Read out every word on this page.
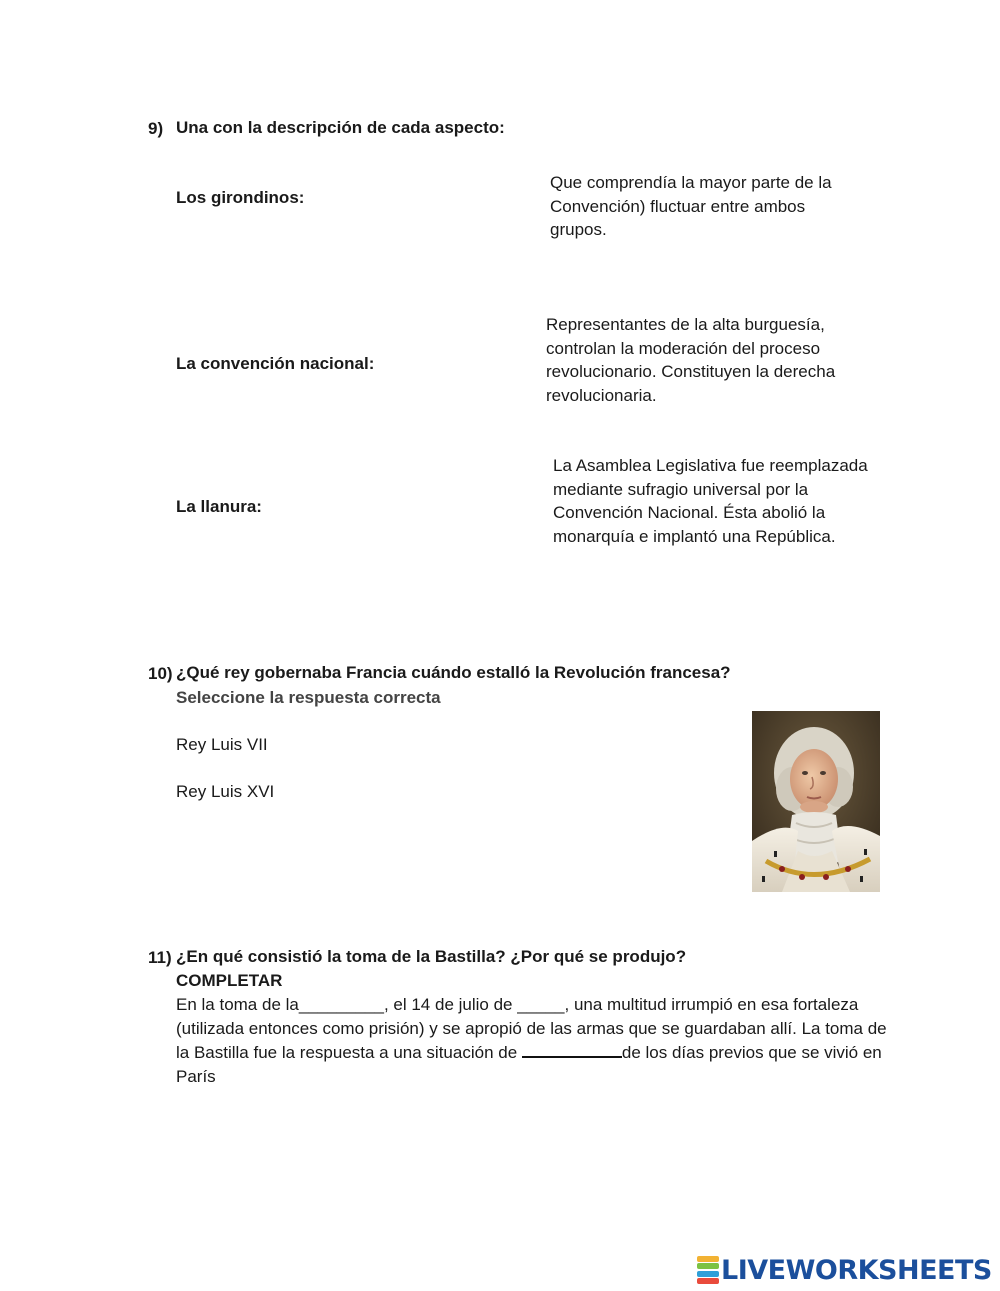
9) Una con la descripción de cada aspecto:
Los girondinos:
La convención nacional:
La llanura:
Que comprendía la mayor parte de la
Convención) fluctuar entre ambos
grupos.
Representantes de la alta burguesía,
controlan la moderación del proceso
revolucionario. Constituyen la derecha
revolucionaria.
La Asamblea Legislativa fue reemplazada
mediante sufragio universal por la
Convención Nacional. Ésta abolió la
monarquía e implantó una República.
10) ¿Qué rey gobernaba Francia cuándo estalló la Revolución francesa?
Seleccione la respuesta correcta
Rey Luis VII
Rey Luis XVI
11) ¿En qué consistió la toma de la Bastilla? ¿Por qué se produjo?
COMPLETAR
En la toma de la_________, el 14 de julio de _____, una multitud irrumpió en esa fortaleza (utilizada entonces como prisión) y se apropió de las armas que se guardaban allí. La toma de la Bastilla fue la respuesta a una situación de	de los días previos que se vivió en París
LIVEWORKSHEETS
